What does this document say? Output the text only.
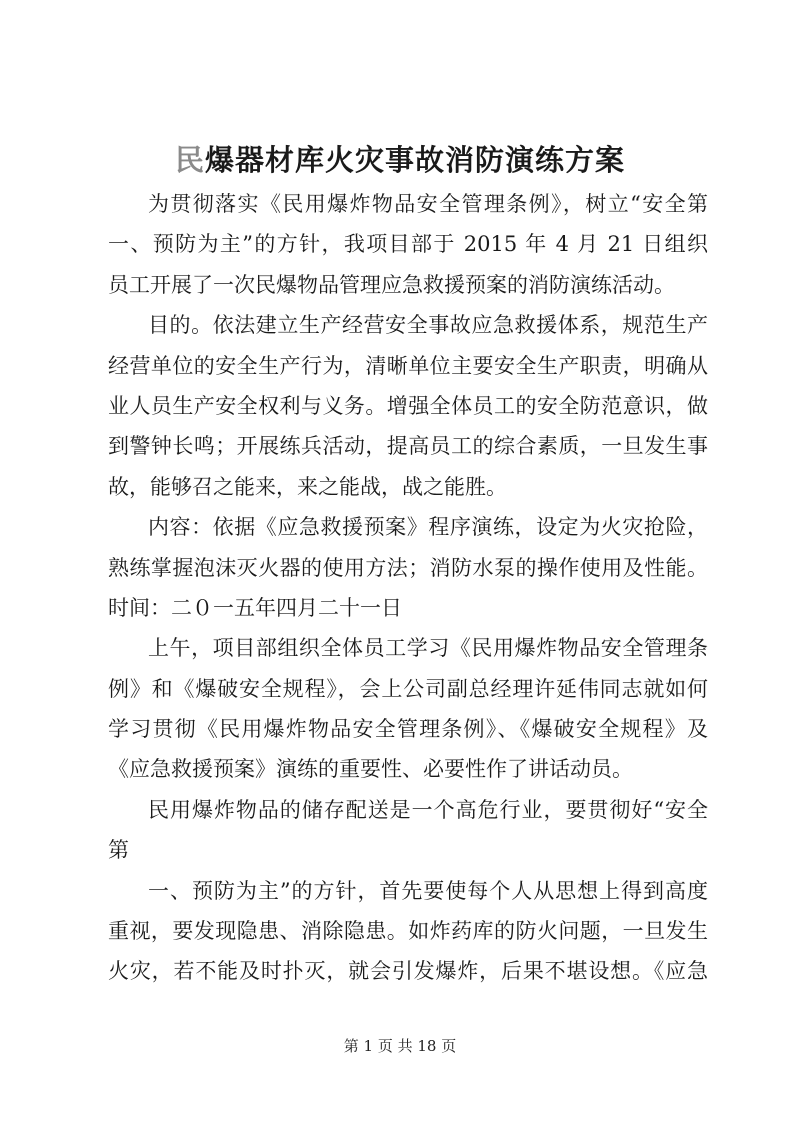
民爆器材库火灾事故消防演练方案
为贯彻落实《民用爆炸物品安全管理条例》，树立“安全第
一、预防为主”的方针，我项目部于 2015 年 4 月 21 日组织
员工开展了一次民爆物品管理应急救援预案的消防演练活动。
目的。依法建立生产经营安全事故应急救援体系，规范生产
经营单位的安全生产行为，清晰单位主要安全生产职责，明确从
业人员生产安全权利与义务。增强全体员工的安全防范意识，做
到警钟长鸣；开展练兵活动，提高员工的综合素质，一旦发生事
故，能够召之能来，来之能战，战之能胜。
内容：依据《应急救援预案》程序演练，设定为火灾抢险，
熟练掌握泡沫灭火器的使用方法；消防水泵的操作使用及性能。
时间：二０一五年四月二十一日
上午，项目部组织全体员工学习《民用爆炸物品安全管理条
例》和《爆破安全规程》，会上公司副总经理许延伟同志就如何
学习贯彻《民用爆炸物品安全管理条例》、《爆破安全规程》及
《应急救援预案》演练的重要性、必要性作了讲话动员。
民用爆炸物品的储存配送是一个高危行业，要贯彻好“安全
第
一、预防为主”的方针，首先要使每个人从思想上得到高度
重视，要发现隐患、消除隐患。如炸药库的防火问题，一旦发生
火灾，若不能及时扑灭，就会引发爆炸，后果不堪设想。《应急
第 1 页 共 18 页
